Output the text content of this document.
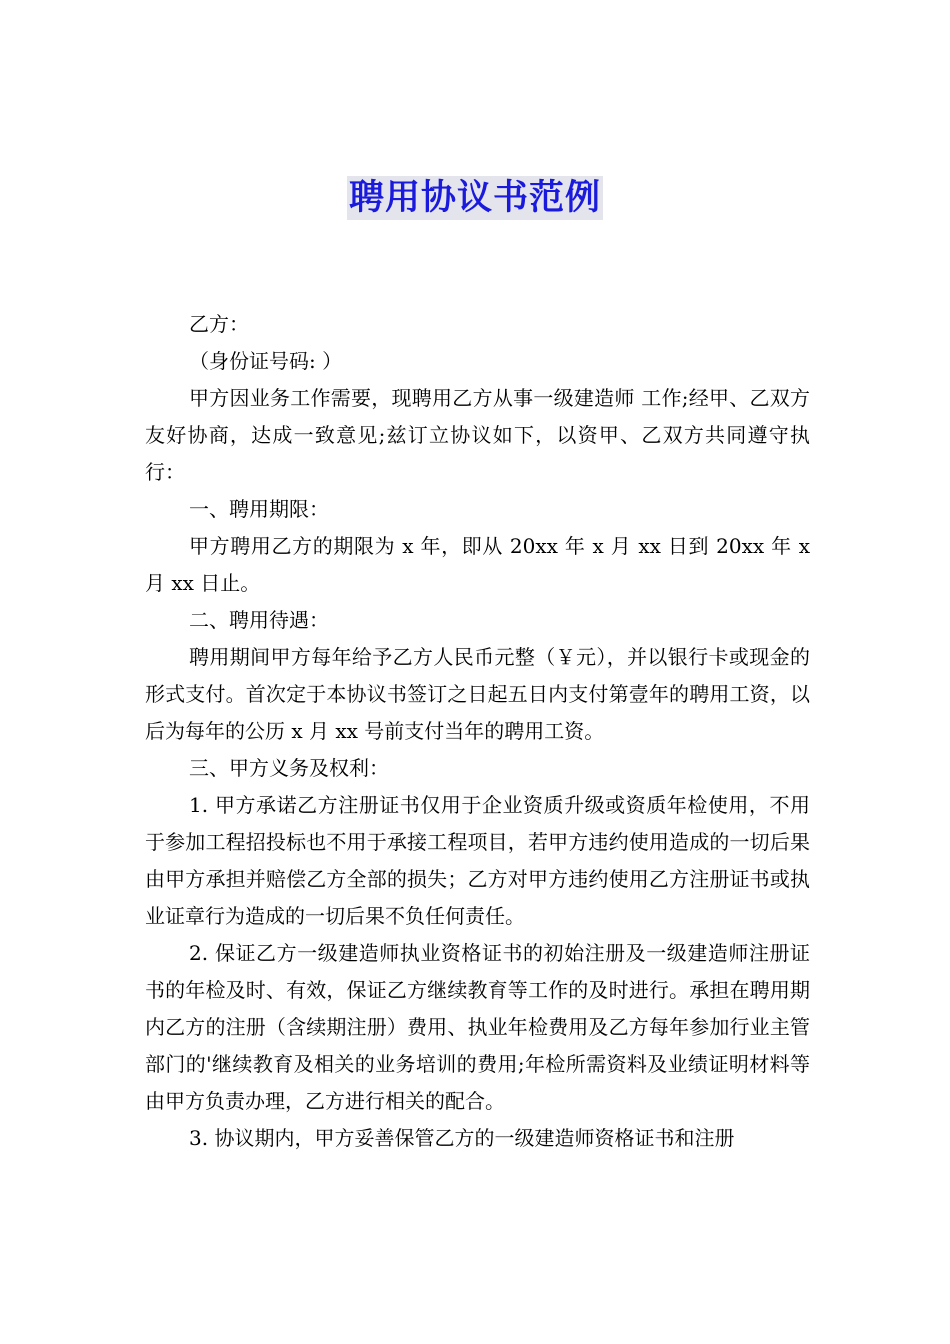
聘用协议书范例

乙方：

（身份证号码: ）

甲方因业务工作需要，现聘用乙方从事一级建造师 工作;经甲、乙双方友好协商，达成一致意见;兹订立协议如下，以资甲、乙双方共同遵守执行：

一、聘用期限：

甲方聘用乙方的期限为 x 年，即从 20xx 年 x 月 xx 日到 20xx 年 x 月 xx 日止。

二、聘用待遇：

聘用期间甲方每年给予乙方人民币元整（￥元），并以银行卡或现金的形式支付。首次定于本协议书签订之日起五日内支付第壹年的聘用工资，以后为每年的公历 x 月 xx 号前支付当年的聘用工资。

三、甲方义务及权利：

1. 甲方承诺乙方注册证书仅用于企业资质升级或资质年检使用，不用于参加工程招投标也不用于承接工程项目，若甲方违约使用造成的一切后果由甲方承担并赔偿乙方全部的损失；乙方对甲方违约使用乙方注册证书或执业证章行为造成的一切后果不负任何责任。

2. 保证乙方一级建造师执业资格证书的初始注册及一级建造师注册证书的年检及时、有效，保证乙方继续教育等工作的及时进行。承担在聘用期内乙方的注册（含续期注册）费用、执业年检费用及乙方每年参加行业主管部门的'继续教育及相关的业务培训的费用;年检所需资料及业绩证明材料等由甲方负责办理，乙方进行相关的配合。

3. 协议期内，甲方妥善保管乙方的一级建造师资格证书和注册
